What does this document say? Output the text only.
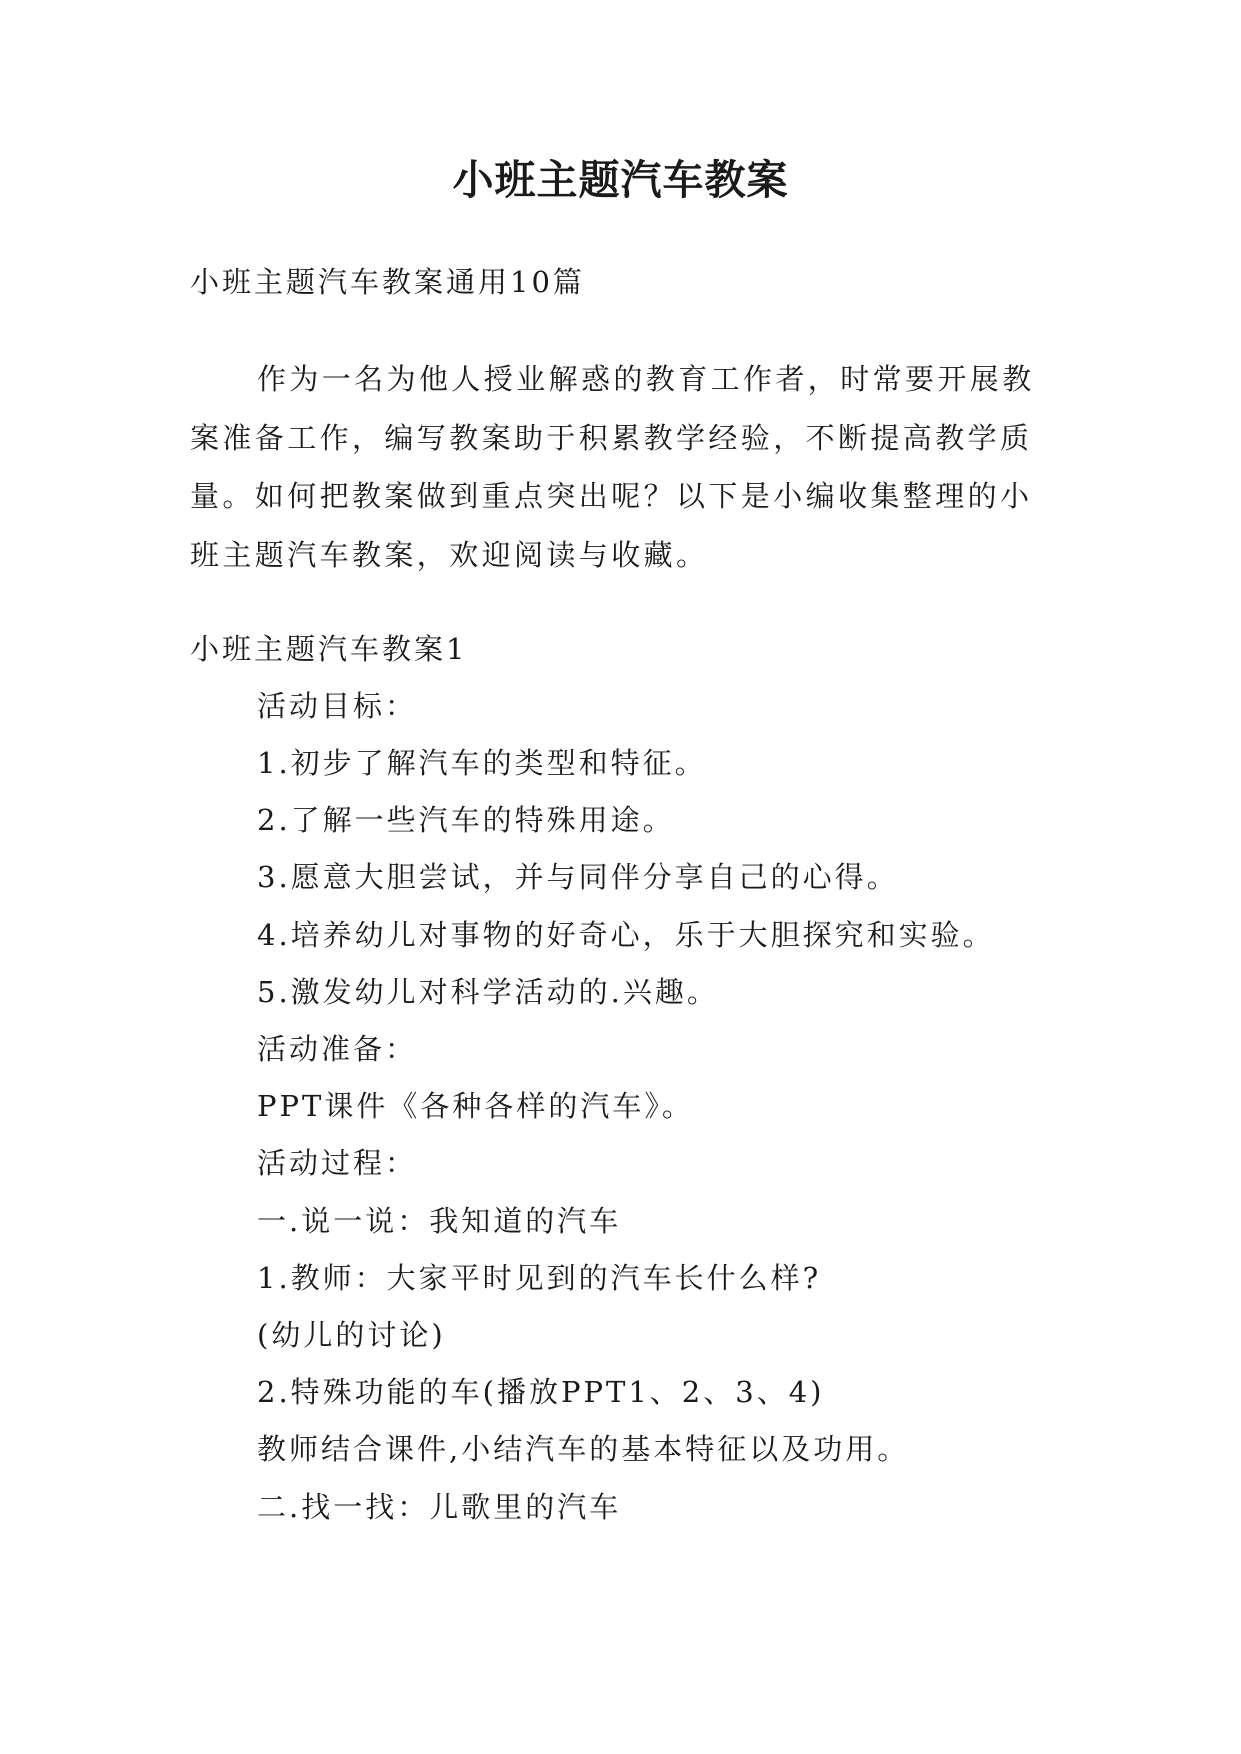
小班主题汽车教案
小班主题汽车教案通用10篇
作为一名为他人授业解惑的教育工作者，时常要开展教
案准备工作，编写教案助于积累教学经验，不断提高教学质
量。如何把教案做到重点突出呢？以下是小编收集整理的小
班主题汽车教案，欢迎阅读与收藏。
小班主题汽车教案1
活动目标：
1.初步了解汽车的类型和特征。
2.了解一些汽车的特殊用途。
3.愿意大胆尝试，并与同伴分享自己的心得。
4.培养幼儿对事物的好奇心，乐于大胆探究和实验。
5.激发幼儿对科学活动的.兴趣。
活动准备：
PPT课件《各种各样的汽车》。
活动过程：
一.说一说：我知道的汽车
1.教师：大家平时见到的汽车长什么样?
(幼儿的讨论)
2.特殊功能的车(播放PPT1、2、3、4)
教师结合课件,小结汽车的基本特征以及功用。
二.找一找：儿歌里的汽车
